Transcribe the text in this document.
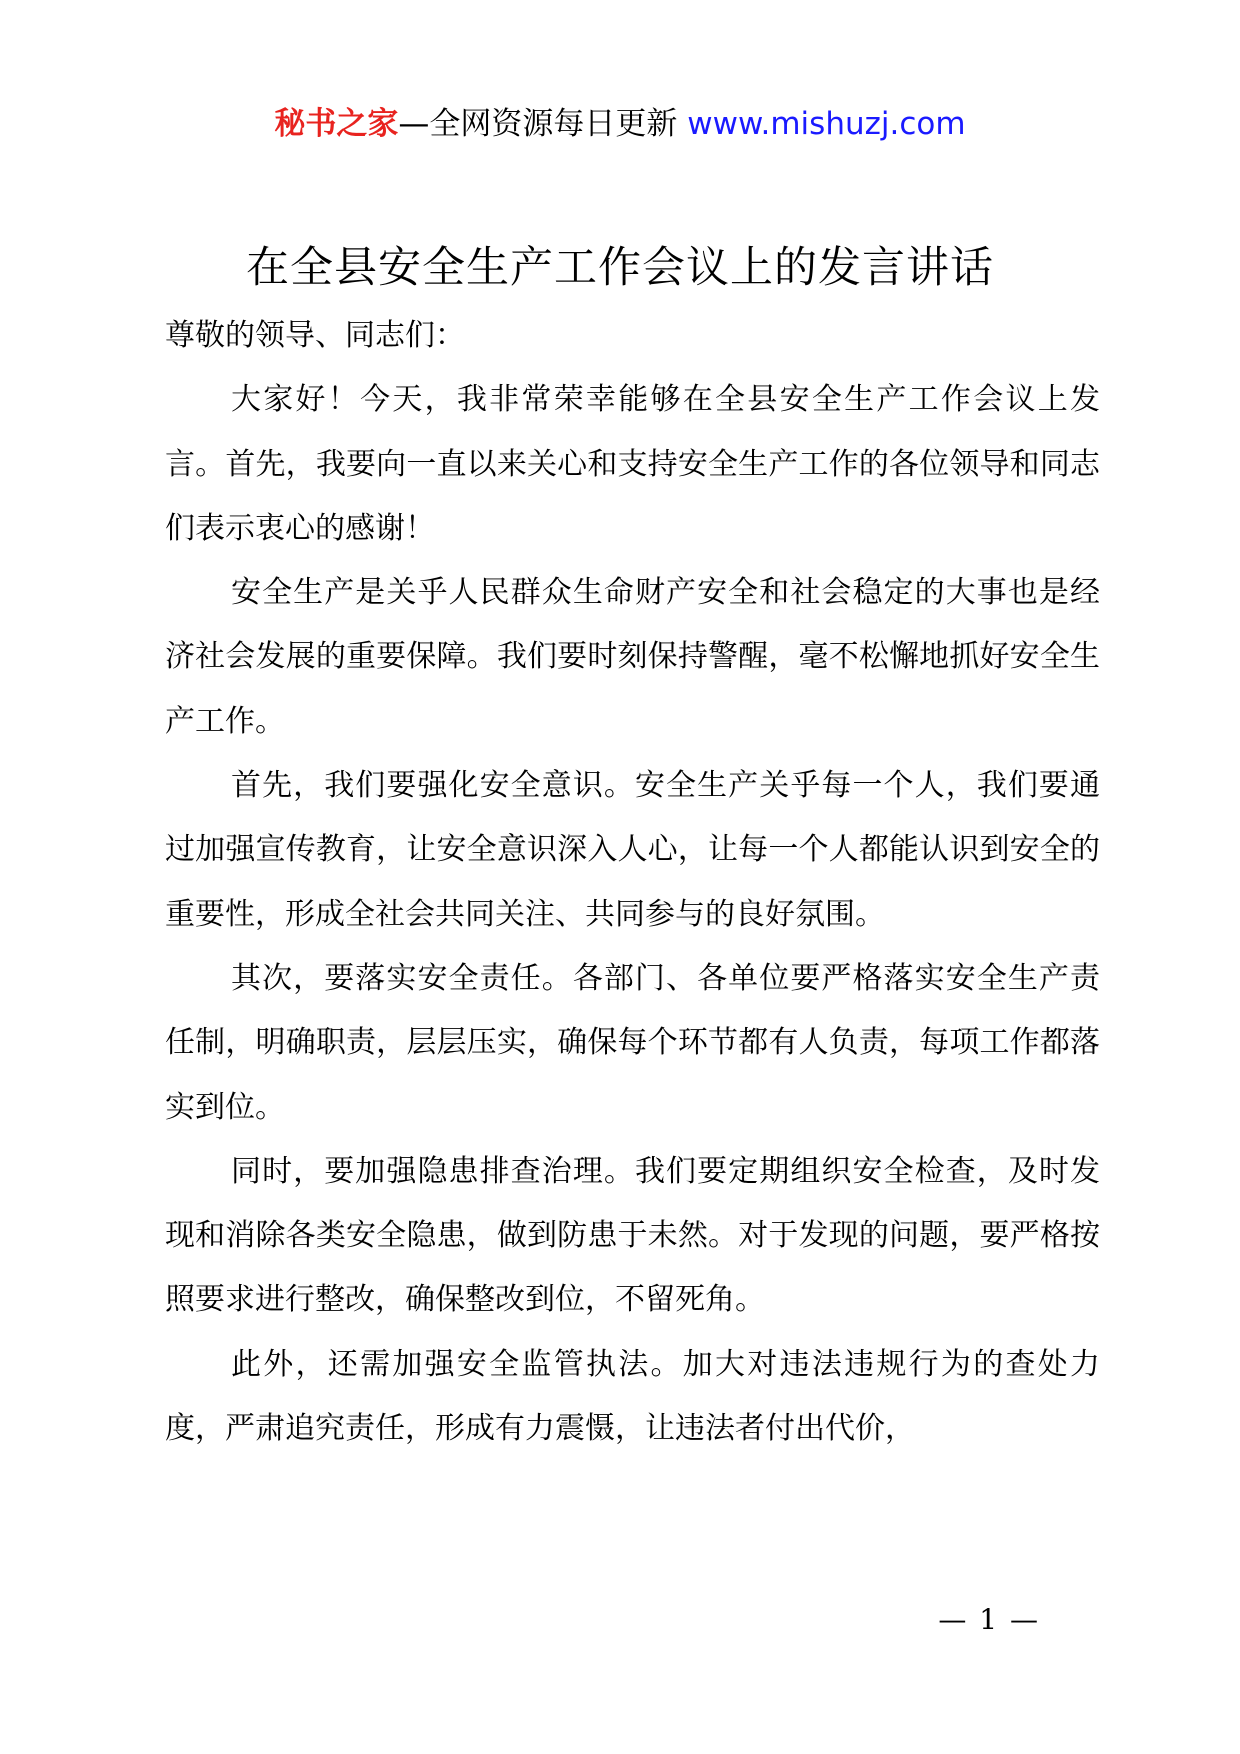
秘书之家—全网资源每日更新 www.mishuzj.com
在全县安全生产工作会议上的发言讲话

尊敬的领导、同志们：

大家好！今天，我非常荣幸能够在全县安全生产工作会议上发言。首先，我要向一直以来关心和支持安全生产工作的各位领导和同志们表示衷心的感谢！

安全生产是关乎人民群众生命财产安全和社会稳定的大事也是经济社会发展的重要保障。我们要时刻保持警醒，毫不松懈地抓好安全生产工作。

首先，我们要强化安全意识。安全生产关乎每一个人，我们要通过加强宣传教育，让安全意识深入人心，让每一个人都能认识到安全的重要性，形成全社会共同关注、共同参与的良好氛围。

其次，要落实安全责任。各部门、各单位要严格落实安全生产责任制，明确职责，层层压实，确保每个环节都有人负责，每项工作都落实到位。

同时，要加强隐患排查治理。我们要定期组织安全检查，及时发现和消除各类安全隐患，做到防患于未然。对于发现的问题，要严格按照要求进行整改，确保整改到位，不留死角。

此外，还需加强安全监管执法。加大对违法违规行为的查处力度，严肃追究责任，形成有力震慑，让违法者付出代价，

— 1 —
